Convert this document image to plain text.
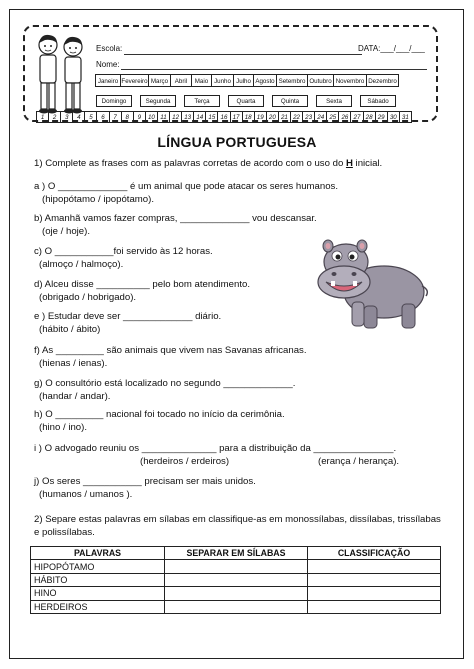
Escola:	DATA:___/___/___
Nome:
Janeiro Fevereiro Março	Abril	Maio Junho Julho Agosto Setembro Outubro Novembro Dezembro
Domingo	Segunda	Terça	Quarta	Quinta	Sexta	Sábado
1	2	3	4	5	6	7	8	9	10 11 12 13 14 15 16 17 18 19 20 21 22 23 24 25 26 27 28 29 30 31
LÍNGUA PORTUGUESA
1) Complete as frases com as palavras corretas de acordo com o uso do H inicial.
a ) O _____________ é um animal que pode atacar os seres humanos.
(hipopótamo / ipopótamo).
b) Amanhã vamos fazer compras, _____________ vou descansar.
(oje / hoje).
c) O ___________foi servido às 12 horas.
(almoço / halmoço).
d) Alceu disse __________ pelo bom atendimento.
(obrigado / hobrigado).
e ) Estudar deve ser _____________ diário.
(hábito / ábito)
f) As _________ são animais que vivem nas Savanas africanas.
(hienas / ienas).
g) O consultório está localizado no segundo _____________.
(handar / andar).
h) O _________ nacional foi tocado no início da cerimônia.
(hino / ino).
i ) O advogado reuniu os ______________ para a distribuição da _______________.
(herdeiros / erdeiros)	(erança / herança).
j) Os seres ___________ precisam ser mais unidos.
(humanos / umanos ).
2) Separe estas palavras em sílabas em classifique-as em monossílabas, dissílabas, trissílabas
e polissílabas.
PALAVRAS	SEPARAR EM SÍLABAS	CLASSIFICAÇÃO
HIPOPÓTAMO		
HÁBITO		
HINO		
HERDEIROS		
